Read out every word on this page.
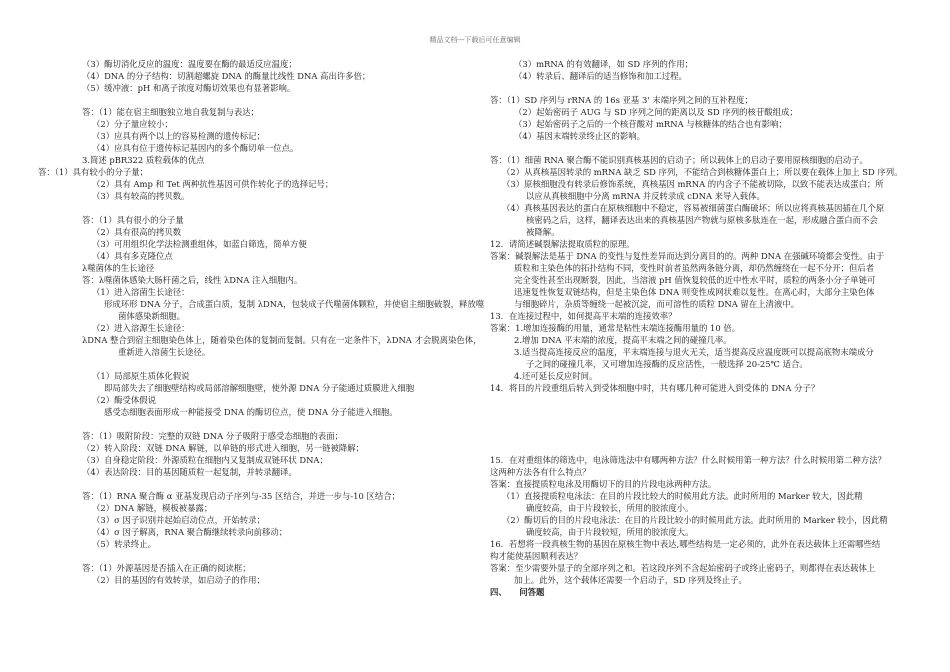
精品文档---下载后可任意编辑
（3）酶切消化反应的温度：温度要在酶的最适反应温度；
（4）DNA 的分子结构：切割超螺旋 DNA 的酶量比线性 DNA 高出许多倍；
（5）缓冲液：pH 和离子浓度对酶切效果也有显著影响。
答：（1）能在宿主细胞独立地自我复制与表达；
（2）分子量应较小；
（3）应具有两个以上的容易检测的遗传标记；
（4）应具有位于遗传标记基因内的多个酶切单一位点。
3.简述 pBR322 质粒载体的优点
答：（1）具有较小的分子量；
（2）具有 Amp 和 Tet 两种抗性基因可供作转化子的选择记号；
（3）具有较高的拷贝数。
答：（1）具有很小的分子量
（2）具有很高的拷贝数
（3）可用组织化学法检测重组体，如蓝白筛选，简单方便
（4）具有多克隆位点
λ噬菌体的生长途径
答：λ噬菌体感染大肠杆菌之后，线性 λDNA 注入细胞内。
（1）进入溶菌生长途径：
形成环形 DNA 分子，合成蛋白质，复制 λDNA，包装成子代噬菌体颗粒，并使宿主细胞破裂，释放噬
菌体感染新细胞。
（2）进入溶源生长途径：
λDNA 整合到宿主细胞染色体上，随着染色体的复制而复制。只有在一定条件下，λDNA 才会脱离染色体，
重新进入溶菌生长途径。
（1）局部原生质体化假说
即局部失去了细胞壁结构或局部溶解细胞壁，使外源 DNA 分子能通过质膜进入细胞
（2）酶受体假说
感受态细胞表面形成一种能接受 DNA 的酶切位点，使 DNA 分子能进入细胞。
答：（1）吸附阶段：完整的双链 DNA 分子吸附于感受态细胞的表面；
（2）转入阶段：双链 DNA 解链，以单链的形式进入细胞，另一链被降解；
（3）自身稳定阶段：外源质粒在细胞内又复制成双链环状 DNA；
（4）表达阶段：目的基因随质粒一起复制，并转录翻译。
答：（1）RNA 聚合酶 α 亚基发现启动子序列与-35 区结合，并进一步与-10 区结合；
（2）DNA 解链，模板被暴露；
（3）σ 因子识别并起始启动位点，开始转录；
（4）σ 因子解离，RNA 聚合酶继续转录向前移动；
（5）转录终止。
答：（1）外源基因是否插入在正确的阅读框；
（2）目的基因的有效转录，如启动子的作用；
（3）mRNA 的有效翻译，如 SD 序列的作用；
（4）转录后、翻译后的适当修饰和加工过程。
答：（1）SD 序列与 rRNA 的 16s 亚基 3' 末端序列之间的互补程度；
（2）起始密码子 AUG 与 SD 序列之间的距离以及 SD 序列的核苷酸组成；
（3）起始密码子之后的一个核苷酸对 mRNA 与核糖体的结合也有影响；
（4）基因末端转录终止区的影响。
答：（1）细菌 RNA 聚合酶不能识别真核基因的启动子；所以载体上的启动子要用原核细胞的启动子。
（2）从真核基因转录的 mRNA 缺乏 SD 序列，不能结合到核糖体蛋白上；所以要在载体上加上 SD 序列。
（3）原核细胞没有转录后修饰系统，真核基因 mRNA 的内含子不能被切除，以致不能表达成蛋白；所
以应从真核细胞中分离 mRNA 并反转录成 cDNA 来导入载体。
（4）真核基因表达的蛋白在原核细胞中不稳定，容易被细菌蛋白酶破坏；所以应将真核基因插在几个原
核密码之后，这样，翻译表达出来的真核基因产物就与原核多肽连在一起，形成融合蛋白而不会
被降解。
12．请简述碱裂解法提取质粒的原理。
答案：碱裂解法是基于 DNA 的变性与复性差异而达到分离目的的。两种 DNA 在强碱环境都会变性。由于
质粒和主染色体的拓扑结构不同，变性时前者虽然两条链分离，却仍然缠绕在一起不分开；但后者
完全变性甚至出现断裂，因此，当溶液 pH 值恢复较低的近中性水平时，质粒的两条小分子单链可
迅速复性恢复双链结构，但是主染色体 DNA 则变性成网状难以复性。在离心时，大部分主染色体
与细胞碎片，杂质等缠绕一起被沉淀，而可溶性的质粒 DNA 留在上清液中。
13．在连接过程中，如何提高平末端的连接效率？
答案：1.增加连接酶的用量，通常是粘性末端连接酶用量的 10 倍。
2.增加 DNA 平末端的浓度，提高平末端之间的碰撞几率。
3.适当提高连接反应的温度，平末端连接与退火无关，适当提高反应温度既可以提高底物末端成分
子之间的碰撞几率，又可增加连接酶的反应活性，一般选择 20-25℃ 适合。
4.还可延长反应时间。
14．将目的片段重组后转入到受体细胞中时，共有哪几种可能进入到受体的 DNA 分子？
15．在对重组体的筛选中，电泳筛选法中有哪两种方法？什么时候用第一种方法？什么时候用第二种方法？
这两种方法各有什么特点？
答案：直接提质粒电泳及用酶切下的目的片段电泳两种方法。
（1）直接提质粒电泳法：在目的片段比较大的时候用此方法。此时所用的 Marker 较大，因此精
确度较高，由于片段较长，所用的胶浓度小。
（2）酶切后的目的片段电泳法：在目的片段比较小的时候用此方法。此时所用的 Marker 较小，因此精
确度较高，由于片段较短，所用的胶浓度大。
16．若想将一段真核生物的基因在原核生物中表达,哪些结构是一定必须的，此外在表达载体上还需哪些结
构才能使基因顺利表达？
答案：至少需要外显子的全部序列之和。若这段序列不含起始密码子或终止密码子，则都得在表达载体上
加上。此外，这个载体还需要一个启动子，SD 序列及终止子。
四、　　问答题
